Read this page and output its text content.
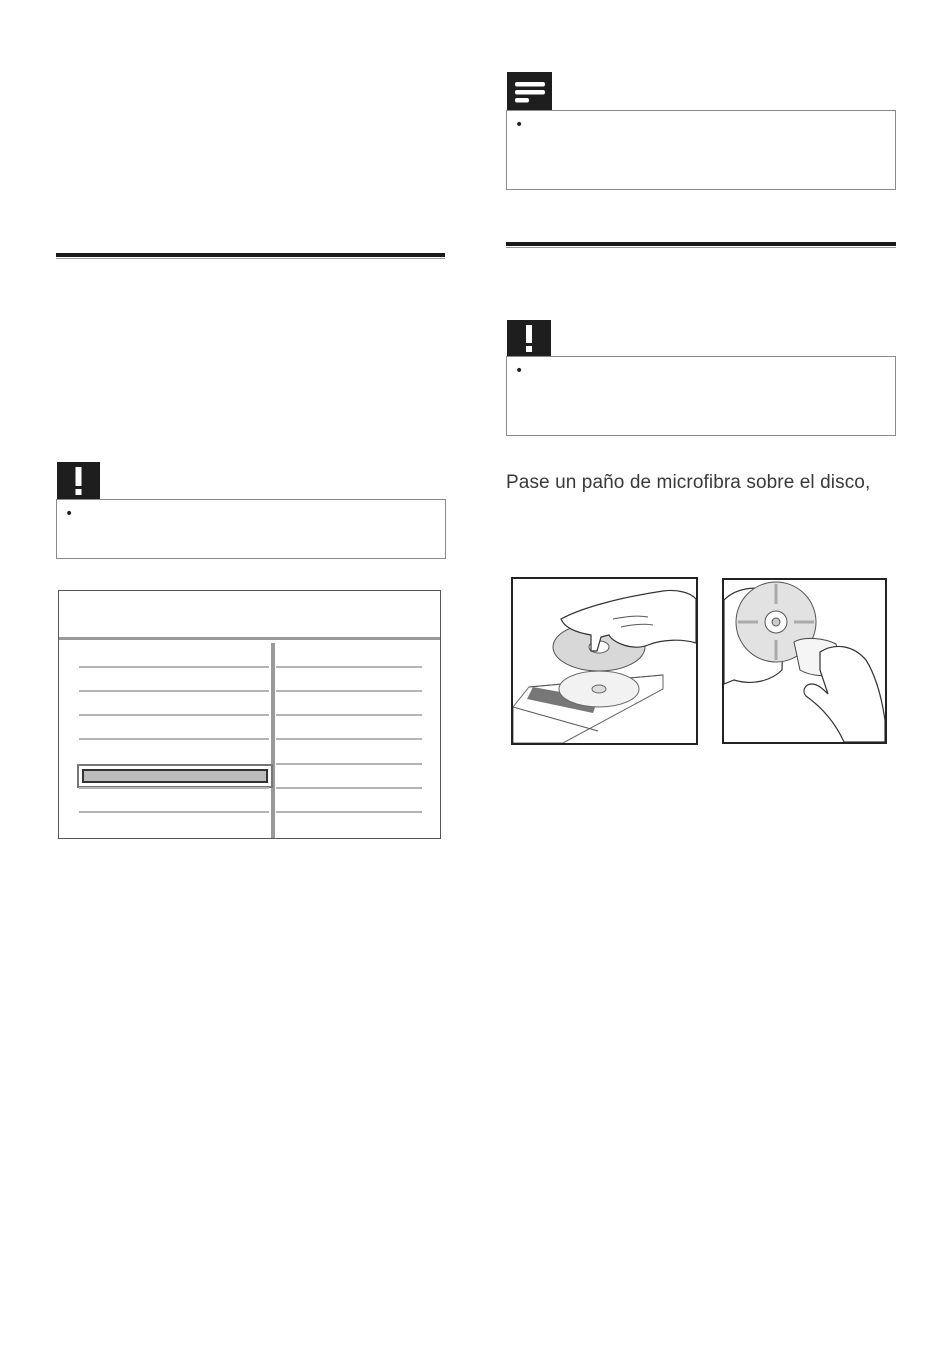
•
•
•
Pase un paño de microfibra sobre el disco,
